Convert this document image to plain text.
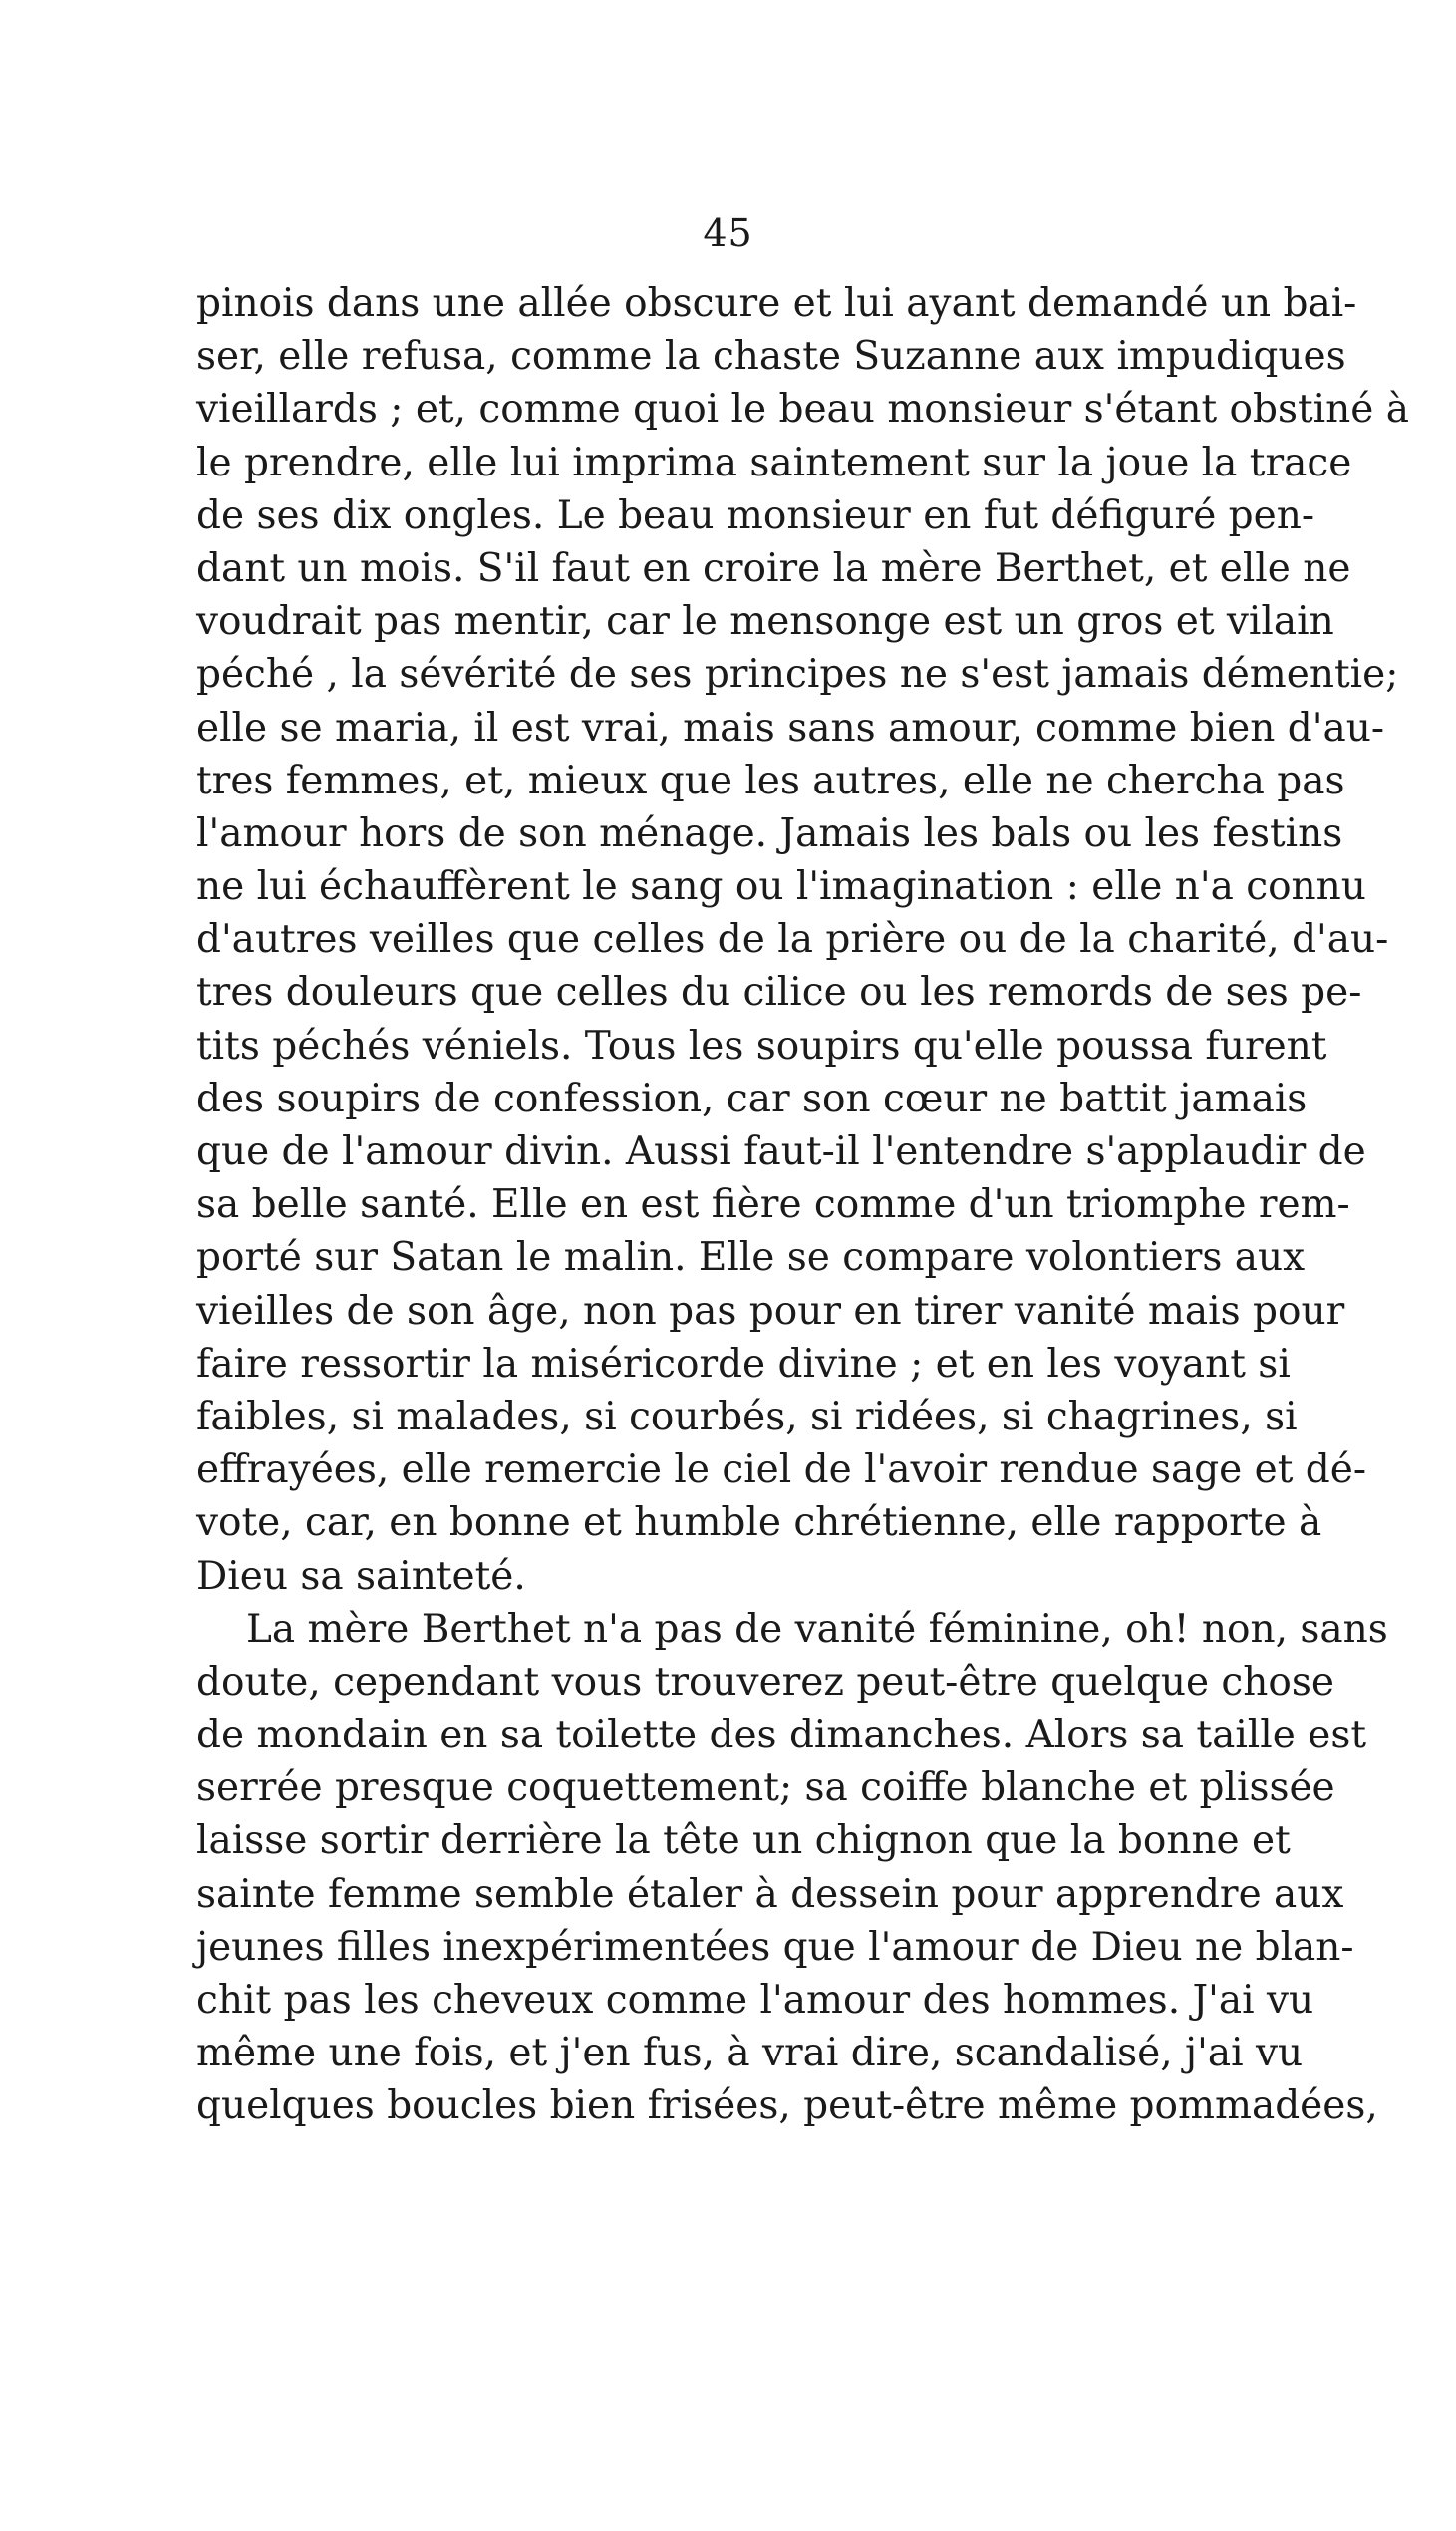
45
pinois dans une allée obscure et lui ayant demandé un bai-
ser, elle refusa, comme la chaste Suzanne aux impudiques
vieillards ; et, comme quoi le beau monsieur s'étant obstiné à
le prendre, elle lui imprima saintement sur la joue la trace
de ses dix ongles. Le beau monsieur en fut défiguré pen-
dant un mois. S'il faut en croire la mère Berthet, et elle ne
voudrait pas mentir, car le mensonge est un gros et vilain
péché , la sévérité de ses principes ne s'est jamais démentie;
elle se maria, il est vrai, mais sans amour, comme bien d'au-
tres femmes, et, mieux que les autres, elle ne chercha pas
l'amour hors de son ménage. Jamais les bals ou les festins
ne lui échauffèrent le sang ou l'imagination : elle n'a connu
d'autres veilles que celles de la prière ou de la charité, d'au-
tres douleurs que celles du cilice ou les remords de ses pe-
tits péchés véniels. Tous les soupirs qu'elle poussa furent
des soupirs de confession, car son cœur ne battit jamais
que de l'amour divin. Aussi faut-il l'entendre s'applaudir de
sa belle santé. Elle en est fière comme d'un triomphe rem-
porté sur Satan le malin. Elle se compare volontiers aux
vieilles de son âge, non pas pour en tirer vanité mais pour
faire ressortir la miséricorde divine ; et en les voyant si
faibles, si malades, si courbés, si ridées, si chagrines, si
effrayées, elle remercie le ciel de l'avoir rendue sage et dé-
vote, car, en bonne et humble chrétienne, elle rapporte à
Dieu sa sainteté.
La mère Berthet n'a pas de vanité féminine, oh! non, sans
doute, cependant vous trouverez peut-être quelque chose
de mondain en sa toilette des dimanches. Alors sa taille est
serrée presque coquettement; sa coiffe blanche et plissée
laisse sortir derrière la tête un chignon que la bonne et
sainte femme semble étaler à dessein pour apprendre aux
jeunes filles inexpérimentées que l'amour de Dieu ne blan-
chit pas les cheveux comme l'amour des hommes. J'ai vu
même une fois, et j'en fus, à vrai dire, scandalisé, j'ai vu
quelques boucles bien frisées, peut-être même pommadées,
